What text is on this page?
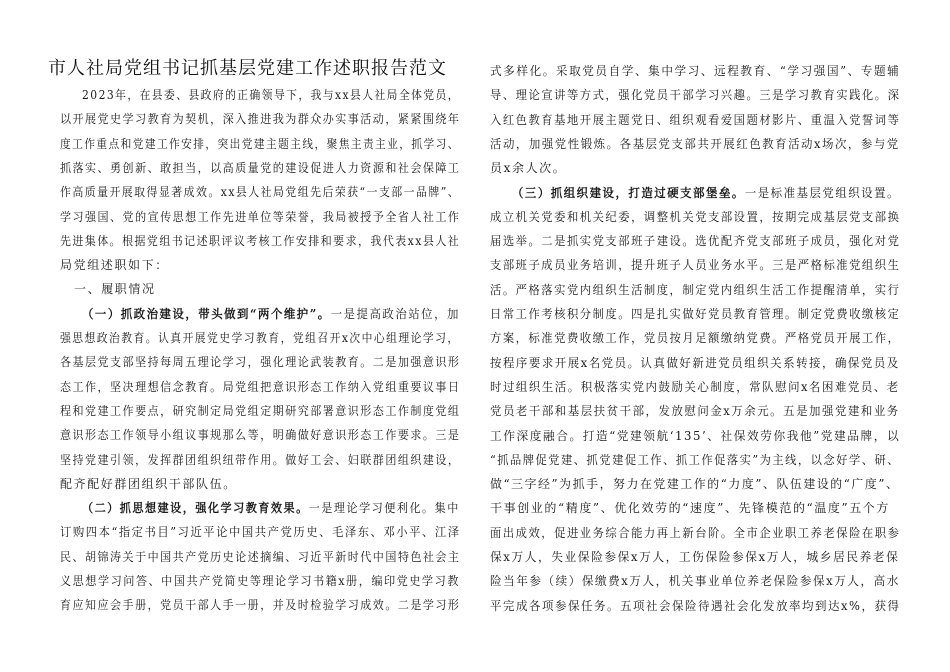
市人社局党组书记抓基层党建工作述职报告范文
2023年，在县委、县政府的正确领导下，我与xx县人社局全体党员，
以开展党史学习教育为契机，深入推进我为群众办实事活动，紧紧围绕年
度工作重点和党建工作安排，突出党建主题主线，聚焦主责主业，抓学习、
抓落实、勇创新、敢担当，以高质量党的建设促进人力资源和社会保障工
作高质量开展取得显著成效。xx县人社局党组先后荣获“一支部一品牌”、
学习强国、党的宣传思想工作先进单位等荣誉，我局被授予全省人社工作
先进集体。根据党组书记述职评议考核工作安排和要求，我代表xx县人社
局党组述职如下：
一、履职情况
（一）抓政治建设，带头做到“两个维护”。一是提高政治站位，加
强思想政治教育。认真开展党史学习教育，党组召开x次中心组理论学习，
各基层党支部坚持每周五理论学习，强化理论武装教育。二是加强意识形
态工作，坚决理想信念教育。局党组把意识形态工作纳入党组重要议事日
程和党建工作要点，研究制定局党组定期研究部署意识形态工作制度党组
意识形态工作领导小组议事规那么等，明确做好意识形态工作要求。三是
坚持党建引领，发挥群团组织纽带作用。做好工会、妇联群团组织建设，
配齐配好群团组织干部队伍。
（二）抓思想建设，强化学习教育效果。一是理论学习便利化。集中
订购四本“指定书目”习近平论中国共产党历史、毛泽东、邓小平、江泽
民、胡锦涛关于中国共产党历史论述摘编、习近平新时代中国特色社会主
义思想学习问答、中国共产党简史等理论学习书籍x册，编印党史学习教
育应知应会手册，党员干部人手一册，并及时检验学习成效。二是学习形
式多样化。采取党员自学、集中学习、远程教育、“学习强国”、专题辅
导、理论宣讲等方式，强化党员干部学习兴趣。三是学习教育实践化。深
入红色教育基地开展主题党日、组织观看爱国题材影片、重温入党誓词等
活动，加强党性锻炼。各基层党支部共开展红色教育活动x场次，参与党
员x余人次。
（三）抓组织建设，打造过硬支部堡垒。一是标准基层党组织设置。
成立机关党委和机关纪委，调整机关党支部设置，按期完成基层党支部换
届选举。二是抓实党支部班子建设。选优配齐党支部班子成员，强化对党
支部班子成员业务培训，提升班子人员业务水平。三是严格标准党组织生
活。严格落实党内组织生活制度，制定党内组织生活工作提醒清单，实行
日常工作考核积分制度。四是扎实做好党员教育管理。制定党费收缴核定
方案，标准党费收缴工作，党员按月足额缴纳党费。严格党员开展工作，
按程序要求开展x名党员。认真做好新进党员组织关系转接，确保党员及
时过组织生活。积极落实党内鼓励关心制度，常队慰问x名困难党员、老
党员老干部和基层扶贫干部，发放慰问金x万余元。五是加强党建和业务
工作深度融合。打造“党建领航‘135’、社保效劳你我他”党建品牌，以
“抓品牌促党建、抓党建促工作、抓工作促落实”为主线，以念好学、研、
做“三字经”为抓手，努力在党建工作的“力度”、队伍建设的“广度”、
干事创业的“精度”、优化效劳的“速度”、先锋模范的“温度”五个方
面出成效，促进业务综合能力再上新台阶。全市企业职工养老保险在职参
保x万人，失业保险参保x万人，工伤保险参保x万人，城乡居民养老保
险当年参（续）保缴费x万人，机关事业单位养老保险参保x万人，高水
平完成各项参保任务。五项社会保险待遇社会化发放率均到达x%，获得
